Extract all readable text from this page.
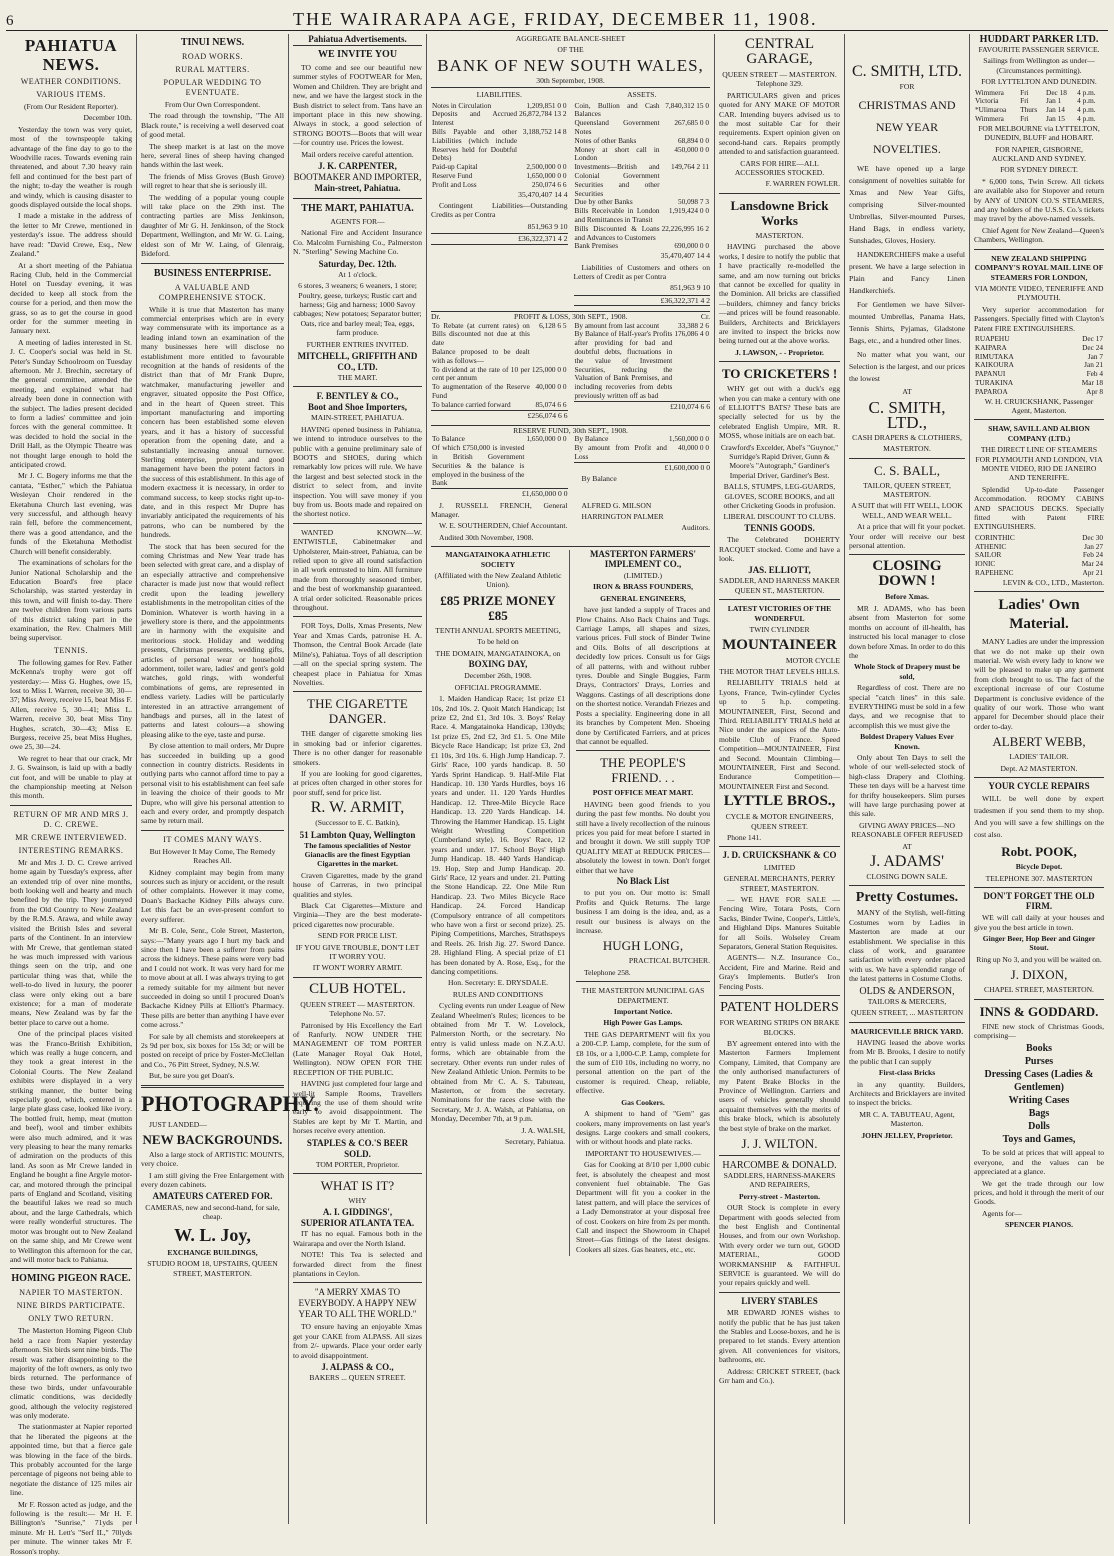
6	THE WAIRARAPA AGE, FRIDAY, DECEMBER 11, 1908.
PAHIATUA NEWS.
WEATHER CONDITIONS.
VARIOUS ITEMS.

(From Our Resident Reporter).

December 10th.

Yesterday the town was very quiet, most of the townspeople taking advantage of the fine day to go to the Woodville races. Towards evening rain threatened, and about 7.30 heavy rain fell and continued for the best part of the night; to-day the weather is rough and windy, which is causing disaster to goods displayed outside the local shops.

I made a mistake in the address of the letter to Mr Crewe, mentioned in yesterday's issue. The address should have read: "David Crewe, Esq., New Zealand."

At a short meeting of the Pahiatua Racing Club, held in the Commercial Hotel on Tuesday evening, it was decided to keep all stock from the course for a period, and then mow the grass, so as to get the course in good order for the summer meeting in January next.

A meeting of ladies interested in St. J. C. Cooper's social was held in St. Peter's Sunday Schoolroom on Tuesday afternoon. Mr J. Brechin, secretary of the general committee, attended the meeting, and explained what had already been done in connection with the subject. The ladies present decided to form a ladies' committee and join forces with the general committee. It was decided to hold the social in the Drill Hall, as the Olympic Theatre was not thought large enough to hold the anticipated crowd.

Mr J. C. Bogery informs me that the cantata, "Esther," which the Pahiatua Wesleyan Choir rendered in the Eketahuna Church last evening, was very successful, and although heavy rain fell, before the commencement, there was a good attendance, and the funds of the Eketahuna Methodist Church will benefit considerably.

The examinations of scholars for the Junior National Scholarship and the Education Board's free place Scholarship, was started yesterday in this town, and will finish to-day. There are twelve children from various parts of this district taking part in the examination, the Rev. Chalmers Mill being supervisor.

TENNIS.

The following games for Rev. Father McKenna's trophy were got off yesterday:— Miss G. Hughes, owe 15, lost to Miss I. Warren, receive 30, 30—37; Miss Avery, receive 15, beat Miss F. Allen, receive 5, 30—41; Miss L. Warren, receive 30, beat Miss Tiny Hughes, scratch, 30—43; Miss E. Burgess, receive 25, beat Miss Hughes, owe 25, 30—24.

We regret to hear that our crack, Mr J. G. Swainson, is laid up with a badly cut foot, and will be unable to play at the championship meeting at Nelson this month.

RETURN OF MR AND MRS J. D. C. CREWE.
MR CREWE INTERVIEWED.
INTERESTING REMARKS.

Mr and Mrs J. D. C. Crewe arrived home again by Tuesday's express, after an extended trip of over nine months, both looking well and hearty and much benefited by the trip. They journeyed from the Old Country to New Zealand by the R.M.S. Arawa, and while away visited the British Isles and several parts of the Continent. In an interview with Mr Crewe, that gentleman stated he was much impressed with various things seen on the trip, and one particular thing was that, while the well-to-do lived in luxury, the poorer class were only eking out a bare existence; for a man of moderate means, New Zealand was by far the better place to carve out a home.

One of the principal places visited was the Franco-British Exhibition, which was really a huge concern, and they took a great interest in the Colonial Courts. The New Zealand exhibits were displayed in a very striking manner, the butter being especially good, which, centered in a large plate glass case, looked like ivory. The bottled fruit, hemp, meat (mutton and beef), wool and timber exhibits were also much admired, and it was very pleasing to hear the many remarks of admiration on the products of this land. As soon as Mr Crewe landed in England he bought a fine Argyle motor-car, and motored through the principal parts of England and Scotland, visiting the beautiful lakes we read so much about, and the large Cathedrals, which were really wonderful structures. The motor was brought out to New Zealand on the same ship, and Mr Crewe went to Wellington this afternoon for the car, and will motor back to Pahiatua.

HOMING PIGEON RACE.
NAPIER TO MASTERTON.
NINE BIRDS PARTICIPATE.
ONLY TWO RETURN.

The Masterton Homing Pigeon Club held a race from Napier yesterday afternoon. Six birds sent nine birds. The result was rather disappointing to the majority of the loft owners, as only two birds returned. The performance of these two birds, under unfavourable climatic conditions, was decidedly good, although the velocity registered was only moderate.

The stationmaster at Napier reported that he liberated the pigeons at the appointed time, but that a fierce gale was blowing in the face of the birds. This probably accounted for the large percentage of pigeons not being able to negotiate the distance of 125 miles air line.

Mr F. Rosson acted as judge, and the following is the result:— Mr H. F. Billington's "Sunrise," 71yds per minute. Mr H. Lett's "Serf II.," 70lyds per minute. The winner takes Mr F. Rosson's trophy.

TINUI NEWS.
ROAD WORKS.
RURAL MATTERS.
POPULAR WEDDING TO EVENTUATE.

From Our Own Correspondent.

The road through the township, "The All Black route," is receiving a well deserved coat of good metal.

The sheep market is at last on the move here, several lines of sheep having changed hands within the last week.

The friends of Miss Groves (Bush Grove) will regret to hear that she is seriously ill.

The wedding of a popular young couple will take place on the 29th inst. The contracting parties are Miss Jenkinson, daughter of Mr G. H. Jenkinson, of the Stock Department, Wellington, and Mr W. G. Laing, eldest son of Mr W. Laing, of Glenraig, Bideford.

BUSINESS ENTERPRISE.
A VALUABLE AND COMPREHENSIVE STOCK.

While it is true that Masterton has many commercial enterprises which are in every way commensurate with its importance as a leading inland town an examination of the many businesses here will disclose no establishment more entitled to favourable recognition at the hands of residents of the district than that of Mr Frank Dupre, watchmaker, manufacturing jeweller and engraver, situated opposite the Post Office, and in the heart of Queen street. This important manufacturing and importing concern has been established some eleven years, and it has a history of successful operation from the opening date, and a substantially increasing annual turnover. Sterling enterprise, probity and good management have been the potent factors in the success of this establishment. In this age of modern exactness it is necessary, in order to command success, to keep stocks right up-to-date, and in this respect Mr Dupre has invariably anticipated the requirements of his patrons, who can be numbered by the hundreds.

The stock that has been secured for the coming Christmas and New Year trade has been selected with great care, and a display of an especially attractive and comprehensive character is made just now that would reflect credit upon the leading jewellery establishments in the metropolitan cities of the Dominion. Whatever is worth having in a jewellery store is there, and the appointments are in harmony with the exquisite and meritorious stock. Holiday and wedding presents, Christmas presents, wedding gifts, articles of personal wear or household adornment, toilet ware, ladies' and gent's gold watches, gold rings, with wonderful combinations of gems, are represented in endless variety. Ladies will be particularly interested in an attractive arrangement of handbags and purses, all in the latest of patterns and latest colours—a showing pleasing alike to the eye, taste and purse.

By close attention to mail orders, Mr Dupre has succeeded in building up a good connection in country districts. Residents in outlying parts who cannot afford time to pay a personal visit to his establishment can feel safe in leaving the choice of their goods to Mr Dupre, who will give his personal attention to each and every order, and promptly despatch same by return mail.

IT COMES MANY WAYS.

But However It May Come, The Remedy Reaches All.

Kidney complaint may begin from many sources such as injury or accident, or the result of other complaints. However it may come, Doan's Backache Kidney Pills always cure. Let this fact be an ever-present comfort to every sufferer.

Mr B. Cole, Senr., Cole Street, Masterton, says:—"Many years ago I hurt my back and since then I have been a sufferer from pains across the kidneys. These pains were very bad and I could not work. It was very hard for me to move about at all. I was always trying to get a remedy suitable for my ailment but never succeeded in doing so until I procured Doan's Backache Kidney Pills at Elliott's Pharmacy. These pills are better than anything I have ever come across."

For sale by all chemists and storekeepers at 2s 9d per box, six boxes for 15s 3d; or will be posted on receipt of price by Foster-McClellan and Co., 76 Pitt Street, Sydney, N.S.W.

But, be sure you get Doan's.

PHOTOGRAPHY.

JUST LANDED—

NEW BACKGROUNDS.

Also a large stock of ARTISTIC MOUNTS, very choice.

I am still giving the Free Enlargement with every dozen cabinets.

AMATEURS CATERED FOR.

CAMERAS, new and second-hand, for sale, cheap.

W. L. Joy,

EXCHANGE BUILDINGS,

STUDIO ROOM 18, UPSTAIRS, QUEEN STREET, MASTERTON.

Pahiatua Advertisements.
WE INVITE YOU

TO come and see our beautiful new summer styles of FOOTWEAR for Men, Women and Children. They are bright and new, and we have the largest stock in the Bush district to select from. Tans have an important place in this new showing. Always in stock, a good selection of STRONG BOOTS—Boots that will wear—for country use. Prices the lowest.

Mail orders receive careful attention.

J. K. CARPENTER,
BOOTMAKER AND IMPORTER,
Main-street, Pahiatua.
THE MART, PAHIATUA.

AGENTS FOR—

National Fire and Accident Insurance Co. Malcolm Furnishing Co., Palmerston N. "Sterling" Sewing Machine Co.

Saturday, Dec. 12th.

At 1 o'clock.

6 stores, 3 weaners; 6 weaners, 1 store; Poultry, geese, turkeys; Rustic cart and harness; Gig and harness; 1000 Savoy cabbages; New potatoes; Separator butter; Oats, rice and barley meal; Tea, eggs, farm produce.

FURTHER ENTRIES INVITED.

MITCHELL, GRIFFITH AND CO., LTD.

THE MART.

F. BENTLEY & CO.,
Boot and Shoe Importers,

MAIN-STREET, PAHIATUA.

HAVING opened business in Pahiatua, we intend to introduce ourselves to the public with a genuine preliminary sale of BOOTS and SHOES, during which remarkably low prices will rule. We have the largest and best selected stock in the district to select from, and invite inspection. You will save money if you buy from us. Boots made and repaired on the shortest notice.

WANTED KNOWN—W. ENTWISTLE, Cabinetmaker and Upholsterer, Main-street, Pahiatua, can be relied upon to give all round satisfaction in all work entrusted to him. All furniture made from thoroughly seasoned timber, and the best of workmanship guaranteed. A trial order solicited. Reasonable prices throughout.

FOR Toys, Dolls, Xmas Presents, New Year and Xmas Cards, patronise H. A. Thomson, the Central Book Arcade (late Milne's), Pahiatua. Toys of all description—all on the special spring system. The cheapest place in Pahiatua for Xmas Novelties.

THE CIGARETTE DANGER.

THE danger of cigarette smoking lies in smoking bad or inferior cigarettes. There is no other danger for reasonable smokers.

If you are looking for good cigarettes, at prices often charged in other stores for poor stuff, send for price list.

R. W. ARMIT,

(Successor to E. C. Batkin),

51 Lambton Quay, Wellington

The famous specialities of Nestor Gianaclis are the finest Egyptian Cigarettes in the market.

Craven Cigarettes, made by the grand house of Carreras, in two principal qualities and styles.

Black Cat Cigarettes—Mixture and Virginia—They are the best moderate-priced cigarettes now procurable.

SEND FOR PRICE LIST.

IF YOU GIVE TROUBLE, DON'T LET IT WORRY YOU.

IT WON'T WORRY ARMIT.

CLUB HOTEL.

QUEEN STREET — MASTERTON. Telephone No. 57.

Patronised by His Excellency the Earl of Ranfurly. NOW UNDER THE MANAGEMENT OF TOM PORTER (Late Manager Royal Oak Hotel, Wellington). NOW OPEN FOR THE RECEPTION OF THE PUBLIC.

HAVING just completed four large and well-lit Sample Rooms, Travellers requiring the use of them should write early to avoid disappointment. The Stables are kept by Mr T. Martin, and horses receive every attention.

STAPLES & CO.'S BEER SOLD.

TOM PORTER, Proprietor.

WHAT IS IT?

WHY

A. I. GIDDINGS',
SUPERIOR ATLANTA TEA.

IT has no equal. Famous both in the Wairarapa and over the North Island.

NOTE! This Tea is selected and forwarded direct from the finest plantations in Ceylon.

"A MERRY XMAS TO EVERYBODY. A HAPPY NEW YEAR TO ALL THE WORLD."

TO ensure having an enjoyable Xmas get your CAKE from ALPASS. All sizes from 2/- upwards. Place your order early to avoid disappointment.

J. ALPASS & CO.,

BAKERS ... QUEEN STREET.

AGGREGATE BALANCE-SHEET

OF THE

BANK OF NEW SOUTH WALES,

30th September, 1908.

LIABILITIES.

Notes in Circulation	1,209,851 0 0
Deposits and Accrued Interest	26,872,784 13 2
Bills Payable and other Liabilities (which include Reserves held for Doubtful Debts)	3,188,752 14 8
Paid-up Capital	2,500,000 0 0
Reserve Fund	1,650,000 0 0
Profit and Loss	250,074 6 6

35,470,407 14 4

Contingent Liabilities—Outstanding Credits as per Contra

851,963 9 10

£36,322,371 4 2

ASSETS.

Coin, Bullion and Cash Balances	7,840,312 15 0
Queensland Government Notes	267,685 0 0
Notes of other Banks	68,894 0 0
Money at short call in London	450,000 0 0
Investments—British and Colonial Government Securities and other Securities	149,764 2 11
Due by other Banks	50,098 7 3
Bills Receivable in London and Remittances in Transit	1,919,424 0 0
Bills Discounted & Loans and Advances to Customers	22,226,995 16 2
Bank Premises	690,000 0 0

35,470,407 14 4

Liabilities of Customers and others on Letters of Credit as per Contra

851,963 9 10

£36,322,371 4 2

Dr.	PROFIT & LOSS, 30th SEPT., 1908.	Cr.
To Rebate (at current rates) on Bills discounted not due at this date	6,128 6 5
Balance proposed to be dealt with as follows—	
To dividend at the rate of 10 per cent per annum	125,000 0 0
To augmentation of the Reserve Fund	40,000 0 0
To balance carried forward	85,074 6 6

£256,074 6 6

By amount from last account	33,388 2 6
By Balance of Half-year's Profits after providing for bad and doubtful debts, fluctuations in the value of Investment Securities, reducing the Valuation of Bank Premises, and including recoveries from debts previously written off as bad	176,086 4 0

£210,074 6 6

RESERVE FUND, 30th SEPT., 1908.
To Balance	1,650,000 0 0
Of which £750,000 is invested in British Government Securities & the balance is employed in the business of the Bank	

£1,650,000 0 0

By Balance	1,560,000 0 0
By amount from Profit and Loss	40,000 0 0

£1,600,000 0 0

By Balance

J. RUSSELL FRENCH, General Manager.

W. E. SOUTHERDEN, Chief Accountant.

Audited 30th November, 1908.

ALFRED G. MILSON

HARRINGTON PALMER

Auditors.

MANGATAINOKA ATHLETIC SOCIETY

(Affiliated with the New Zealand Athletic Union).

£85 PRIZE MONEY £85

TENTH ANNUAL SPORTS MEETING,

To be held on

THE DOMAIN, MANGATAINOKA, on

BOXING DAY,

December 26th, 1908.

OFFICIAL PROGRAMME.

1. Maiden Handicap Race; 1st prize £1 10s, 2nd 10s. 2. Quoit Match Handicap; 1st prize £2, 2nd £1, 3rd 10s. 3. Boys' Relay Race. 4. Mangatainoka Handicap, 130yds; 1st prize £5, 2nd £2, 3rd £1. 5. One Mile Bicycle Race Handicap; 1st prize £3, 2nd £1 10s, 3rd 10s. 6. High Jump Handicap. 7. Girls' Race, 100 yards handicap. 8. 50 Yards Sprint Handicap. 9. Half-Mile Flat Handicap. 10. 130 Yards Hurdles, boys 16 years and under. 11. 120 Yards Hurdles Handicap. 12. Three-Mile Bicycle Race Handicap. 13. 220 Yards Handicap. 14. Throwing the Hammer Handicap. 15. Light Weight Wrestling Competition (Cumberland style). 16. Boys' Race, 12 years and under. 17. School Boys' High Jump Handicap. 18. 440 Yards Handicap. 19. Hop, Step and Jump Handicap. 20. Girls' Race, 12 years and under. 21. Putting the Stone Handicap. 22. One Mile Run Handicap. 23. Two Miles Bicycle Race Handicap. 24. Forced Handicap (Compulsory entrance of all competitors who have won a first or second prize). 25. Piping Competitions, Marches, Strathspeys and Reels. 26. Irish Jig. 27. Sword Dance. 28. Highland Fling. A special prize of £1 has been donated by A. Rose, Esq., for the dancing competitions.

Hon. Secretary: E. DRYSDALE.

RULES AND CONDITIONS

Cycling events run under League of New Zealand Wheelmen's Rules; licences to be obtained from Mr T. W. Lovelock, Palmerston North, or the secretary. No entry is valid unless made on N.Z.A.U. forms, which are obtainable from the secretary. Other events run under rules of New Zealand Athletic Union. Permits to be obtained from Mr C. A. S. Tabuteau, Masterton, or from the secretary. Nominations for the races close with the Secretary, Mr J. A. Walsh, at Pahiatua, on Monday, December 7th, at 9 p.m.

J. A. WALSH,

Secretary, Pahiatua.

MASTERTON FARMERS' IMPLEMENT CO.,

(LIMITED.)

IRON & BRASS FOUNDERS,

GENERAL ENGINEERS,

have just landed a supply of Traces and Plow Chains. Also Back Chains and Tugs. Carriage Lamps, all shapes and sizes, various prices. Full stock of Binder Twine and Oils. Bolts of all descriptions at decidedly low prices. Consult us for Gigs of all patterns, with and without rubber tyres. Double and Single Buggies, Farm Drays, Contractors' Drays, Lorries and Waggons. Castings of all descriptions done on the shortest notice. Verandah Friezes and Posts a speciality. Engineering done in all its branches by Competent Men. Shoeing done by Certificated Farriers, and at prices that cannot be equalled.

THE PEOPLE'S FRIEND. . .

POST OFFICE MEAT MART.

HAVING been good friends to you during the past few months. No doubt you still have a lively recollection of the ruinous prices you paid for meat before I started in and brought it down. We still supply TOP QUALITY MEAT at REDUCK PRICES—absolutely the lowest in town. Don't forget either that we have

No Black List

to put you on. Our motto is: Small Profits and Quick Returns. The large business I am doing is the idea, and, as a result our business is always on the increase.

HUGH LONG,

PRACTICAL BUTCHER.

Telephone 258.

THE MASTERTON MUNICIPAL GAS DEPARTMENT.

Important Notice.

High Power Gas Lamps.

THE GAS DEPARTMENT will fix you a 200-C.P. Lamp, complete, for the sum of £8 10s, or a 1,000-C.P. Lamp, complete for the sum of £10 10s, including no worry, no personal attention on the part of the customer is required. Cheap, reliable, effective.

Gas Cookers.

A shipment to hand of "Gem" gas cookers, many improvements on last year's designs. Large cookers and small cookers, with or without hoods and plate racks.

IMPORTANT TO HOUSEWIVES.—

Gas for Cooking at 8/10 per 1,000 cubic feet, is absolutely the cheapest and most convenient fuel obtainable. The Gas Department will fit you a cooker in the latest pattern, and will place the services of a Lady Demonstrator at your disposal free of cost. Cookers on hire from 2s per month. Call and inspect the Showroom in Chapel Street—Gas fittings of the latest designs. Cookers all sizes. Gas heaters, etc., etc.

CENTRAL GARAGE,

QUEEN STREET — MASTERTON. Telephone 329.

PARTICULARS given and prices quoted for ANY MAKE OF MOTOR CAR. Intending buyers advised us to the most suitable Car for their requirements. Expert opinion given on second-hand cars. Repairs promptly attended to and satisfaction guaranteed.

CARS FOR HIRE—ALL ACCESSORIES STOCKED.

F. WARREN FOWLER.

Lansdowne Brick Works

MASTERTON.

HAVING purchased the above works, I desire to notify the public that I have practically re-modelled the same, and am now turning out bricks that cannot be excelled for quality in the Dominion. All bricks are classified—builders, chimney and fancy bricks—and prices will be found reasonable. Builders, Architects and Bricklayers are invited to inspect the bricks now being turned out at the above works.

J. LAWSON, - - Proprietor.

TO CRICKETERS !

WHY get out with a duck's egg when you can make a century with one of ELLIOTT'S BATS? These bats are specially selected for us by the celebrated English Umpire, MR. R. MOSS, whose initials are on each bat.

Crawford's Excelder, Abel's "Guynor," Surridge's Rapid Driver, Gunn & Moore's "Autograph," Gardiner's Imperial Driver, Gardiner's Best.

BALLS, STUMPS, LEG-GUARDS, GLOVES, SCORE BOOKS, and all other Cricketing Goods in profusion.

LIBERAL DISCOUNT TO CLUBS.

TENNIS GOODS.

The Celebrated DOHERTY RACQUET stocked. Come and have a look.

JAS. ELLIOTT,

SADDLER, AND HARNESS MAKER QUEEN ST., MASTERTON.

LATEST VICTORIES OF THE WONDERFUL

TWIN CYLINDER

MOUNTAINEER

MOTOR CYCLE

THE MOTOR THAT LEVELS HILLS.

RELIABILITY TRIALS held at Lyons, France, Twin-cylinder Cycles up to 5 h.p. competing. MOUNTAINEER, First, Second and Third. RELIABILITY TRIALS held at Nice under the auspices of the Auto-mobile Club of France. Speed Competition—MOUNTAINEER, First and Second. Mountain Climbing—MOUNTAINEER, First and Second. Endurance Competition—MOUNTAINEER First and Second.

LYTTLE BROS.,

CYCLE & MOTOR ENGINEERS, QUEEN STREET.

Phone 141.

J. D. CRUICKSHANK & CO

LIMITED

GENERAL MERCHANTS, PERRY STREET, MASTERTON.

— WE HAVE FOR SALE — Fencing Wire, Totara Posts, Corn Sacks, Binder Twine, Cooper's, Little's, and Highland Dips. Manures Suitable for all Soils. Wolseley Cream Separators, General Station Requisites.

AGENTS— N.Z. Insurance Co., Accident, Fire and Marine. Reid and Gray's Implements. Butler's Iron Fencing Posts.

PATENT HOLDERS

FOR WEARING STRIPS ON BRAKE BLOCKS.

BY agreement entered into with the Masterton Farmers Implement Company, Limited, that Company are the only authorised manufacturers of my Patent Brake Blocks in the Province of Wellington. Carriers and users of vehicles generally should acquaint themselves with the merits of this brake block, which is absolutely the best style of brake on the market.

J. J. WILTON.
HARCOMBE & DONALD.

SADDLERS, HARNESS-MAKERS AND REPAIRERS,

Perry-street - Masterton.

OUR Stock is complete in every Department with goods selected from the best English and Continental Houses, and from our own Workshop. With every order we turn out, GOOD MATERIAL, GOOD WORKMANSHIP & FAITHFUL SERVICE is guaranteed. We will do your repairs quickly and well.

LIVERY STABLES

MR EDWARD JONES wishes to notify the public that he has just taken the Stables and Loose-boxes, and he is prepared to let stands. Every attention given. All conveniences for visitors, bathrooms, etc.

Address: CRICKET STREET, (back Grr ham and Co.).

C. SMITH, LTD.

FOR

CHRISTMAS AND NEW YEAR NOVELTIES.

WE have opened up a large consignment of novelties suitable for Xmas and New Year Gifts, comprising Silver-mounted Umbrellas, Silver-mounted Purses, Hand Bags, in endless variety, Sunshades, Gloves, Hosiery.

HANDKERCHIEFS make a useful present. We have a large selection in Plain and Fancy Linen Handkerchiefs.

For Gentlemen we have Silver-mounted Umbrellas, Panama Hats, Tennis Shirts, Pyjamas, Gladstone Bags, etc., and a hundred other lines.

No matter what you want, our Selection is the largest, and our prices the lowest

AT

C. SMITH, LTD.,

CASH DRAPERS & CLOTHIERS,

MASTERTON.

C. S. BALL,

TAILOR, QUEEN STREET, MASTERTON.

A SUIT that will FIT WELL, LOOK WELL, AND WEAR WELL.

At a price that will fit your pocket. Your order will receive our best personal attention.

CLOSING DOWN !

Before Xmas.

MR J. ADAMS, who has been absent from Masterton for some months on account of ill-health, has instructed his local manager to close down before Xmas. In order to do this the

Whole Stock of Drapery must be sold,

Regardless of cost. There are no special "catch lines" in this sale. EVERYTHING must be sold in a few days, and we recognise that to accomplish this we must give the

Boldest Drapery Values Ever Known.

Only about Ten Days to sell the whole of our well-selected stock of high-class Drapery and Clothing. These ten days will be a harvest time for thrifty housekeepers. Slim purses will have large purchasing power at this sale.

GIVING AWAY PRICES—NO REASONABLE OFFER REFUSED

AT

J. ADAMS'

CLOSING DOWN SALE.

Pretty Costumes.

MANY of the Stylish, well-fitting Costumes worn by Ladies in Masterton are made at our establishment. We specialise in this class of work, and guarantee satisfaction with every order placed with us. We have a splendid range of the latest patterns in Costume Cloths.

OLDS & ANDERSON,

TAILORS & MERCERS,

QUEEN STREET, ... MASTERTON

MAURICEVILLE BRICK YARD.

HAVING leased the above works from Mr B. Brooks, I desire to notify the public that I can supply

First-class Bricks

in any quantity. Builders, Architects and Bricklayers are invited to inspect the bricks.

MR C. A. TABUTEAU, Agent, Masterton.

JOHN JELLEY, Proprietor.

HUDDART PARKER LTD.

FAVOURITE PASSENGER SERVICE.

Sailings from Wellington as under—(Circumstances permitting).

FOR LYTTELTON AND DUNEDIN.

Wimmera	Fri	Dec 18	4 p.m.
Victoria	Fri	Jan 1	4 p.m.
*Ulimaroa	Thurs	Jan 14	4 p.m.
Wimmera	Fri	Jan 15	4 p.m.

FOR MELBOURNE via LYTTELTON, DUNEDIN, BLUFF and HOBART.

FOR NAPIER, GISBORNE, AUCKLAND AND SYDNEY.

FOR SYDNEY DIRECT.

* 6,000 tons, Twin Screw. All tickets are available also for Stopover and return by ANY of UNION CO.'S STEAMERS, and any holders of the U.S.S. Co.'s tickets may travel by the above-named vessels.

Chief Agent for New Zealand—Queen's Chambers, Wellington.

NEW ZEALAND SHIPPING COMPANY'S ROYAL MAIL LINE OF STEAMERS FOR LONDON,

VIA MONTE VIDEO, TENERIFFE AND PLYMOUTH.

Very superior accommodation for Passengers. Specially fitted with Clayton's Patent FIRE EXTINGUISHERS.

RUAPEHU	Dec 17
KAIPARA	Dec 24
RIMUTAKA	Jan 7
KAIKOURA	Jan 21
PAPANUI	Feb 4
TURAKINA	Mar 18
PAPAROA	Apr 8

W. H. CRUICKSHANK, Passenger Agent, Masterton.

SHAW, SAVILL AND ALBION COMPANY (LTD.)

THE DIRECT LINE OF STEAMERS FOR PLYMOUTH AND LONDON, VIA MONTE VIDEO, RIO DE JANEIRO AND TENERIFFE.

Splendid Up-to-date Passenger Accommodation. ROOMY CABINS AND SPACIOUS DECKS. Specially fitted with Patent FIRE EXTINGUISHERS.

CORINTHIC	Dec 30
ATHENIC	Jan 27
SAILOR	Feb 24
IONIC	Mar 24
RAPEHENC	Apr 21

LEVIN & CO., LTD., Masterton.

Ladies' Own Material.

MANY Ladies are under the impression that we do not make up their own material. We wish every lady to know we will be pleased to make up any garment from cloth brought to us. The fact of the exceptional increase of our Costume Department is conclusive evidence of the quality of our work. Those who want apparel for December should place their order to-day.

ALBERT WEBB,

LADIES' TAILOR.

Dept. A2 MASTERTON.

YOUR CYCLE REPAIRS

WILL be well done by expert tradesmen if you send them to my shop. And you will save a few shillings on the cost also.

Robt. POOK,

Bicycle Depot.

TELEPHONE 307. MASTERTON

DON'T FORGET THE OLD FIRM.

WE will call daily at your houses and give you the best article in town.

Ginger Beer, Hop Beer and Ginger Stout.

Ring up No 3, and you will be waited on.

J. DIXON,

CHAPEL STREET, MASTERTON.

INNS & GODDARD.

FINE new stock of Christmas Goods, comprising—

Books
Purses
Dressing Cases (Ladies & Gentlemen)
Writing Cases
Bags
Dolls
Toys and Games,

To be sold at prices that will appeal to everyone, and the values can be appreciated at a glance.

We get the trade through our low prices, and hold it through the merit of our Goods.

Agents for—

SPENCER PIANOS.
